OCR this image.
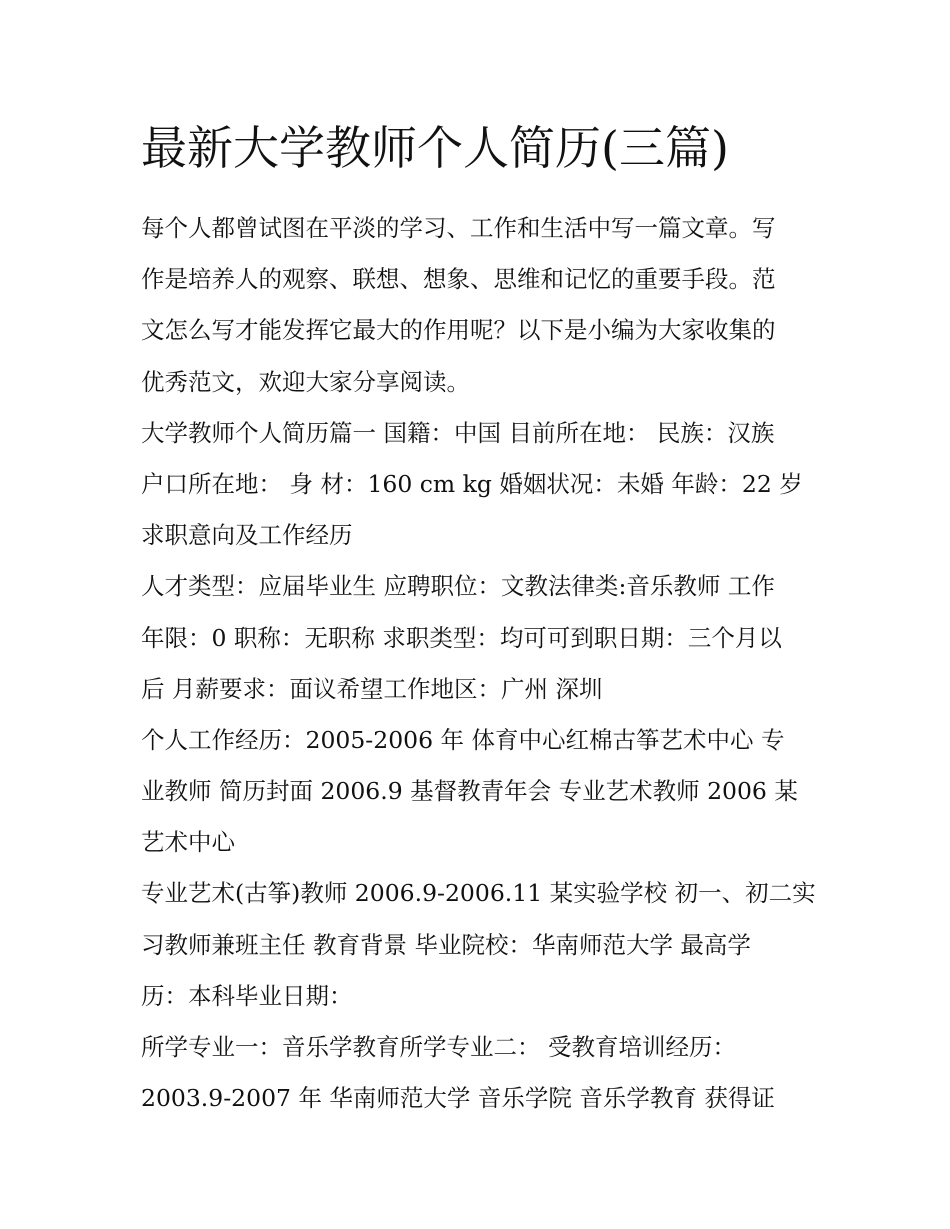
最新大学教师个人简历(三篇)
每个人都曾试图在平淡的学习、工作和生活中写一篇文章。写
作是培养人的观察、联想、想象、思维和记忆的重要手段。范
文怎么写才能发挥它最大的作用呢？以下是小编为大家收集的
优秀范文，欢迎大家分享阅读。
大学教师个人简历篇一 国籍：中国 目前所在地： 民族：汉族
户口所在地： 身 材：160 cm kg 婚姻状况：未婚 年龄：22 岁
求职意向及工作经历
人才类型：应届毕业生 应聘职位：文教法律类:音乐教师 工作
年限：0 职称：无职称 求职类型：均可可到职日期：三个月以
后 月薪要求：面议希望工作地区：广州 深圳
个人工作经历：2005-2006 年 体育中心红棉古筝艺术中心 专
业教师 简历封面 2006.9 基督教青年会 专业艺术教师 2006 某
艺术中心
专业艺术(古筝)教师 2006.9-2006.11 某实验学校 初一、初二实
习教师兼班主任 教育背景 毕业院校：华南师范大学 最高学
历：本科毕业日期：
所学专业一：音乐学教育所学专业二： 受教育培训经历：
2003.9-2007 年 华南师范大学 音乐学院 音乐学教育 获得证
